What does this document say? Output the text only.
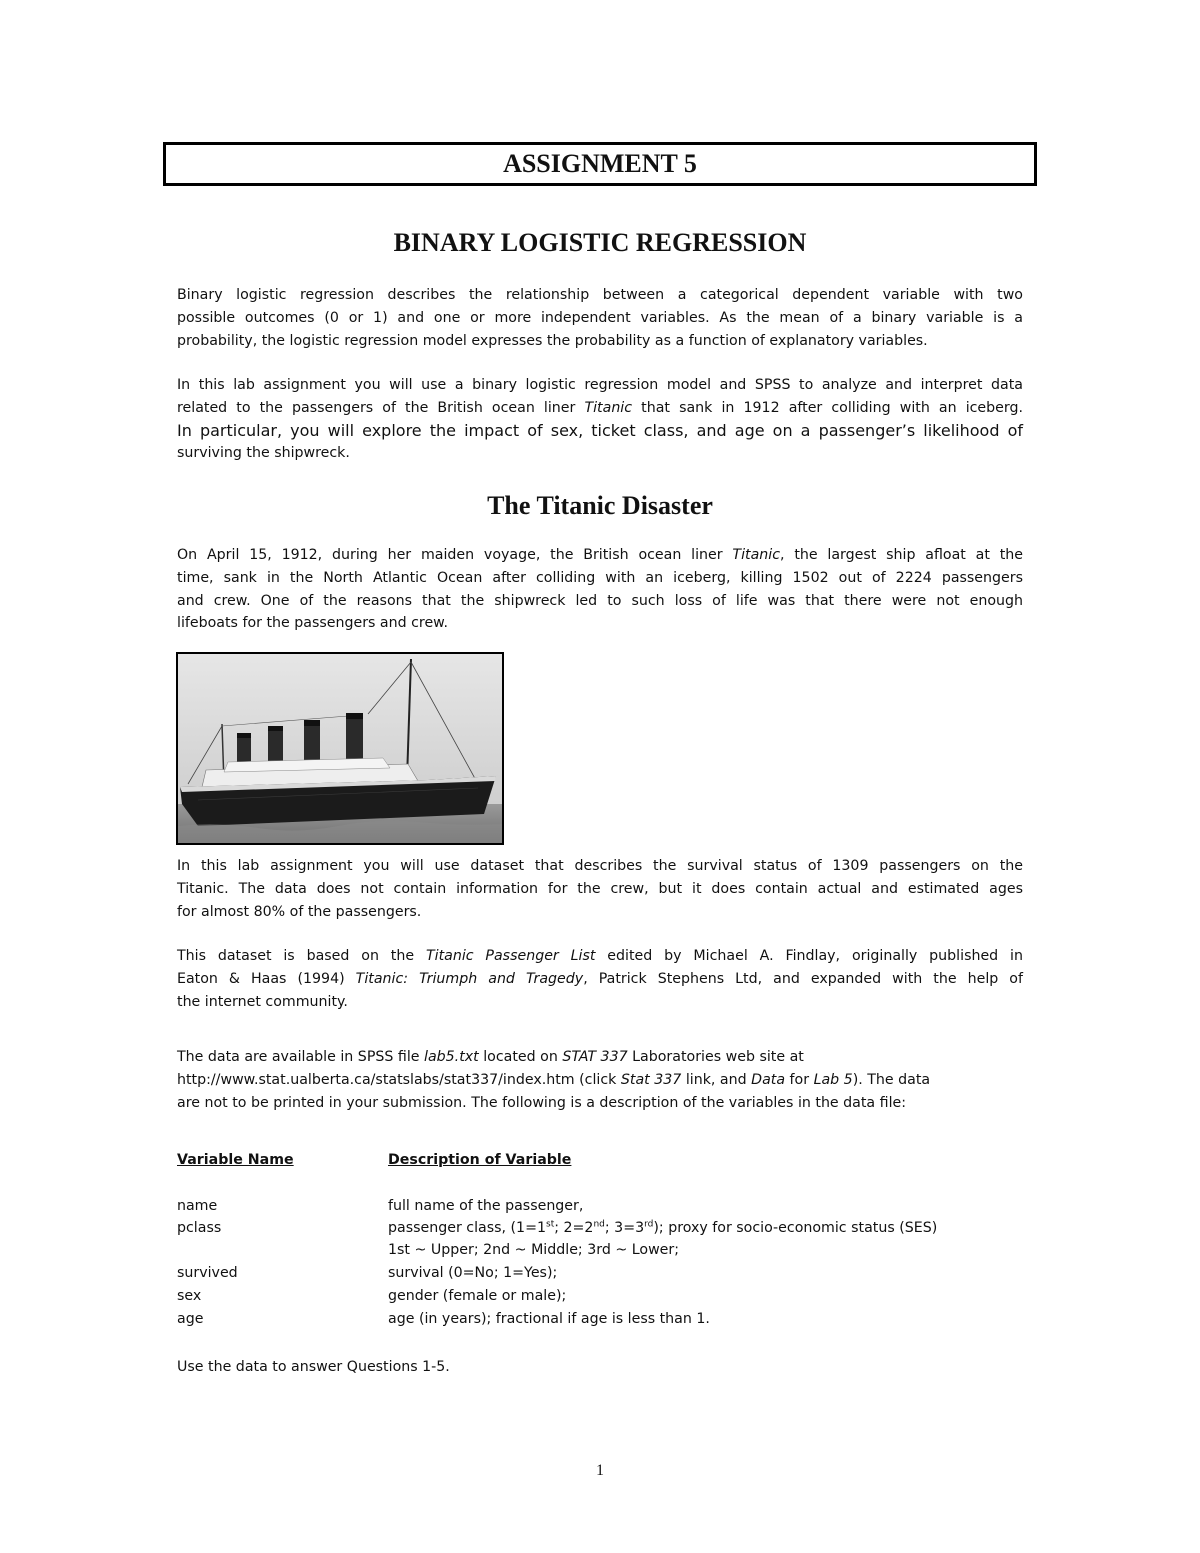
ASSIGNMENT 5
BINARY LOGISTIC REGRESSION

Binary logistic regression describes the relationship between a categorical dependent variable with two
possible outcomes (0 or 1) and one or more independent variables. As the mean of a binary variable is a
probability, the logistic regression model expresses the probability as a function of explanatory variables.

In this lab assignment you will use a binary logistic regression model and SPSS to analyze and interpret data
related to the passengers of the British ocean liner Titanic that sank in 1912 after colliding with an iceberg.
In particular, you will explore the impact of sex, ticket class, and age on a passenger’s likelihood of
surviving the shipwreck.

The Titanic Disaster

On April 15, 1912, during her maiden voyage, the British ocean liner Titanic, the largest ship afloat at the
time, sank in the North Atlantic Ocean after colliding with an iceberg, killing 1502 out of 2224 passengers
and crew. One of the reasons that the shipwreck led to such loss of life was that there were not enough
lifeboats for the passengers and crew.

In this lab assignment you will use dataset that describes the survival status of 1309 passengers on the
Titanic. The data does not contain information for the crew, but it does contain actual and estimated ages
for almost 80% of the passengers.

This dataset is based on the Titanic Passenger List edited by Michael A. Findlay, originally published in
Eaton & Haas (1994) Titanic: Triumph and Tragedy, Patrick Stephens Ltd, and expanded with the help of
the internet community.

The data are available in SPSS file lab5.txt located on STAT 337 Laboratories web site at
http://www.stat.ualberta.ca/statslabs/stat337/index.htm (click Stat 337 link, and Data for Lab 5). The data
are not to be printed in your submission. The following is a description of the variables in the data file:

Variable Name	Description of Variable
name	full name of the passenger,
pclass	passenger class, (1=1st; 2=2nd; 3=3rd); proxy for socio-economic status (SES)
1st ~ Upper; 2nd ~ Middle; 3rd ~ Lower;
survived	survival (0=No; 1=Yes);
sex	gender (female or male);
age	age (in years); fractional if age is less than 1.
Use the data to answer Questions 1-5.
1
